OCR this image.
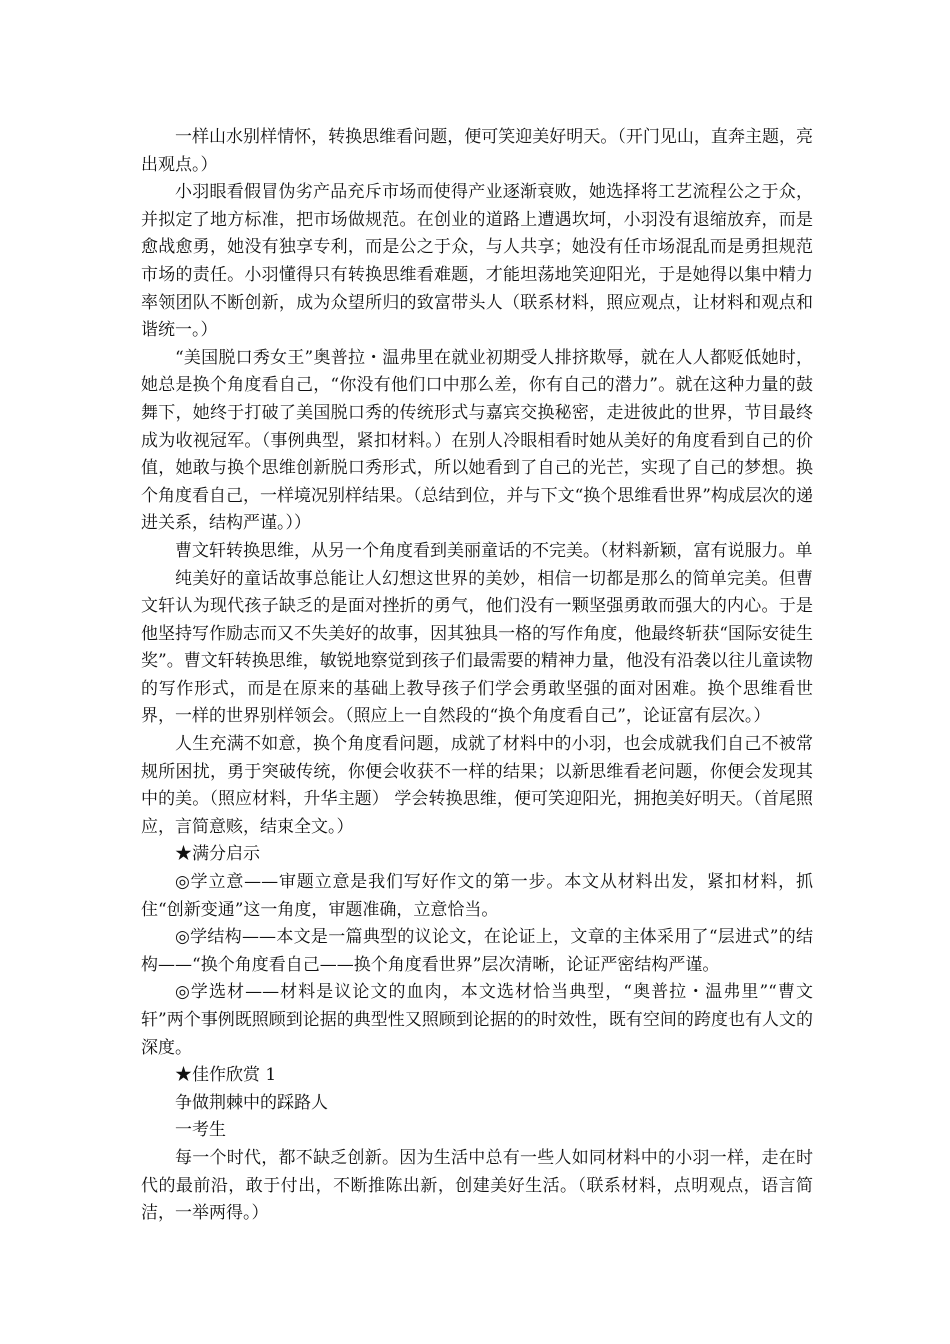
一样山水别样情怀，转换思维看问题，便可笑迎美好明天。（开门见山，直奔主题，亮出观点。）

小羽眼看假冒伪劣产品充斥市场而使得产业逐渐衰败，她选择将工艺流程公之于众，并拟定了地方标准，把市场做规范。在创业的道路上遭遇坎坷，小羽没有退缩放弃，而是愈战愈勇，她没有独享专利，而是公之于众，与人共享；她没有任市场混乱而是勇担规范市场的责任。小羽懂得只有转换思维看难题，才能坦荡地笑迎阳光，于是她得以集中精力率领团队不断创新，成为众望所归的致富带头人（联系材料，照应观点，让材料和观点和谐统一。）

“美国脱口秀女王”奥普拉・温弗里在就业初期受人排挤欺辱，就在人人都贬低她时，她总是换个角度看自己，“你没有他们口中那么差，你有自己的潜力”。就在这种力量的鼓舞下，她终于打破了美国脱口秀的传统形式与嘉宾交换秘密，走进彼此的世界，节目最终成为收视冠军。（事例典型，紧扣材料。）在别人冷眼相看时她从美好的角度看到自己的价值，她敢与换个思维创新脱口秀形式，所以她看到了自己的光芒，实现了自己的梦想。换个角度看自己，一样境况别样结果。（总结到位，并与下文“换个思维看世界”构成层次的递进关系，结构严谨。））

曹文轩转换思维，从另一个角度看到美丽童话的不完美。（材料新颖，富有说服力。单

纯美好的童话故事总能让人幻想这世界的美妙，相信一切都是那么的简单完美。但曹文轩认为现代孩子缺乏的是面对挫折的勇气，他们没有一颗坚强勇敢而强大的内心。于是他坚持写作励志而又不失美好的故事，因其独具一格的写作角度，他最终斩获“国际安徒生奖”。曹文轩转换思维，敏锐地察觉到孩子们最需要的精神力量，他没有沿袭以往儿童读物的写作形式，而是在原来的基础上教导孩子们学会勇敢坚强的面对困难。换个思维看世界，一样的世界别样领会。（照应上一自然段的“换个角度看自己”，论证富有层次。）

人生充满不如意，换个角度看问题，成就了材料中的小羽，也会成就我们自己不被常规所困扰，勇于突破传统，你便会收获不一样的结果；以新思维看老问题，你便会发现其中的美。（照应材料，升华主题） 学会转换思维，便可笑迎阳光，拥抱美好明天。（首尾照应，言简意赅，结束全文。）

★满分启示

◎学立意——审题立意是我们写好作文的第一步。本文从材料出发，紧扣材料，抓住“创新变通”这一角度，审题准确，立意恰当。

◎学结构——本文是一篇典型的议论文，在论证上，文章的主体采用了“层进式”的结构——“换个角度看自己——换个角度看世界”层次清晰，论证严密结构严谨。

◎学选材——材料是议论文的血肉，本文选材恰当典型，“奥普拉・温弗里”“曹文轩”两个事例既照顾到论据的典型性又照顾到论据的的时效性，既有空间的跨度也有人文的深度。

★佳作欣赏 1

争做荆棘中的踩路人

一考生

每一个时代，都不缺乏创新。因为生活中总有一些人如同材料中的小羽一样，走在时代的最前沿，敢于付出，不断推陈出新，创建美好生活。（联系材料，点明观点，语言简洁，一举两得。）
